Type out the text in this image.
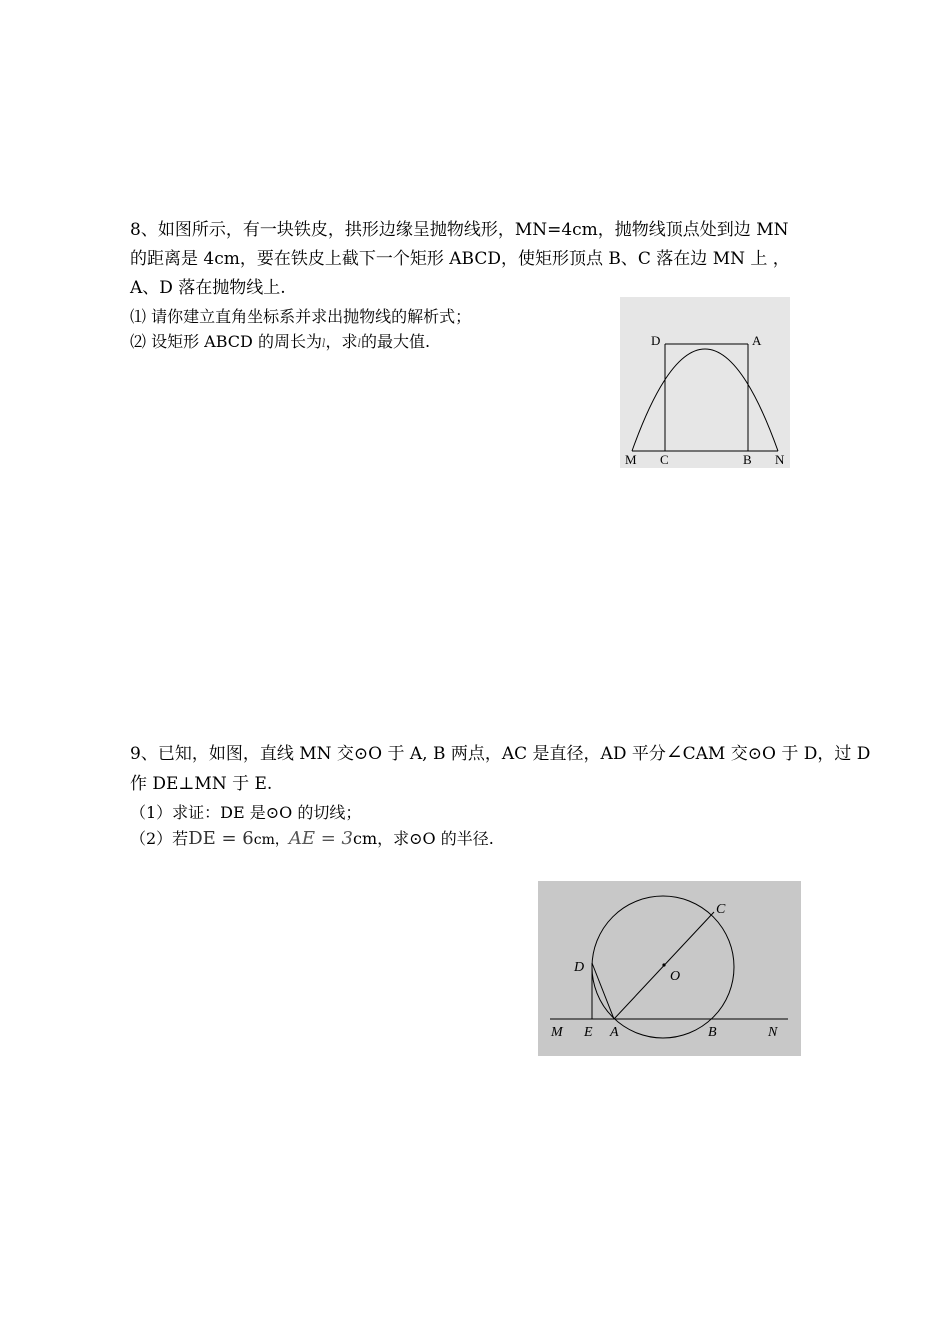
8、如图所示，有一块铁皮，拱形边缘呈抛物线形，MN=4cm，抛物线顶点处到边 MN
的距离是 4cm，要在铁皮上截下一个矩形 ABCD，使矩形顶点 B、C 落在边 MN 上 ，
A、D 落在抛物线上.
⑴ 请你建立直角坐标系并求出抛物线的解析式；
⑵ 设矩形 ABCD 的周长为l，求l的最大值.	D	A
M C	B N
9、已知，如图，直线 MN 交⊙O 于 A, B 两点，AC 是直径，AD 平分∠CAM 交⊙O 于 D，过 D
作 DE⊥MN 于 E.
（1）求证：DE 是⊙O 的切线；
（2）若DE = 6cm，AE = 3cm，求⊙O 的半径.
C
D
O
M E A	B	N
